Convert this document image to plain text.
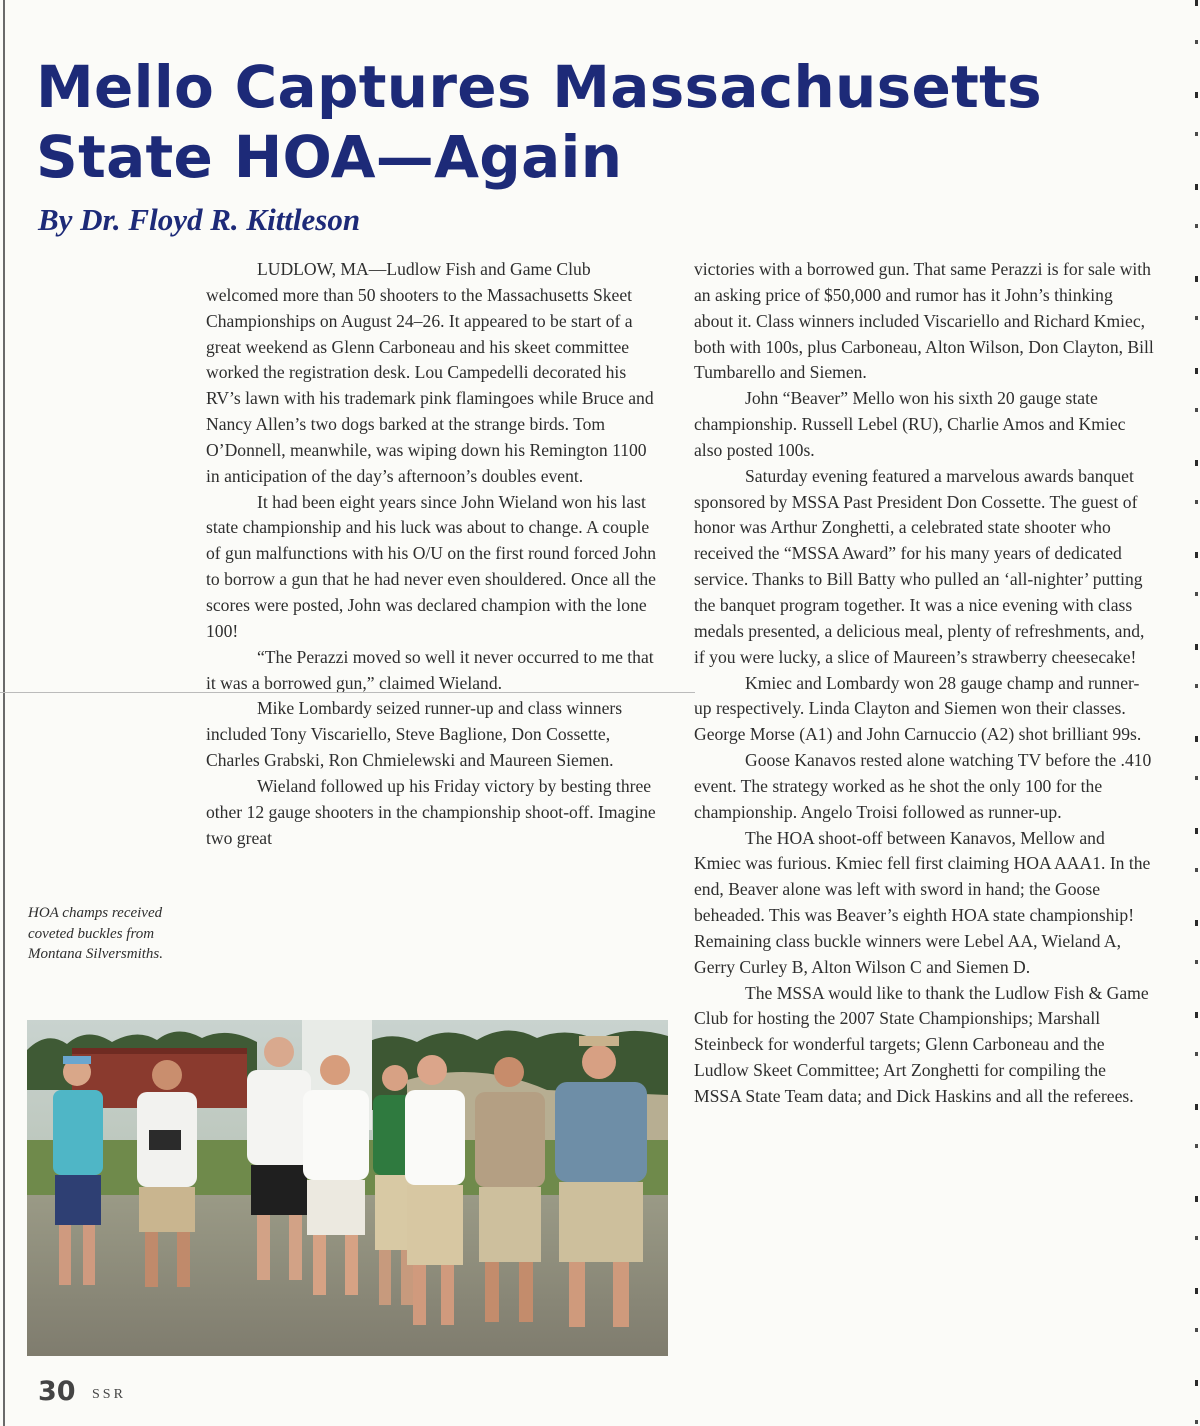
Mello Captures Massachusetts State HOA—Again
By Dr. Floyd R. Kittleson

LUDLOW, MA—Ludlow Fish and Game Club welcomed more than 50 shooters to the Massachusetts Skeet Championships on August 24–26. It appeared to be start of a great weekend as Glenn Carboneau and his skeet committee worked the registration desk. Lou Campedelli decorated his RV’s lawn with his trademark pink flamingoes while Bruce and Nancy Allen’s two dogs barked at the strange birds. Tom O’Donnell, meanwhile, was wiping down his Remington 1100 in anticipation of the day’s afternoon’s doubles event.

It had been eight years since John Wieland won his last state championship and his luck was about to change. A couple of gun malfunctions with his O/U on the first round forced John to borrow a gun that he had never even shouldered. Once all the scores were posted, John was declared champion with the lone 100!

“The Perazzi moved so well it never occurred to me that it was a borrowed gun,” claimed Wieland.

Mike Lombardy seized runner-up and class winners included Tony Viscariello, Steve Baglione, Don Cossette, Charles Grabski, Ron Chmielewski and Maureen Siemen.

Wieland followed up his Friday victory by besting three other 12 gauge shooters in the championship shoot-off. Imagine two great

victories with a borrowed gun. That same Perazzi is for sale with an asking price of $50,000 and rumor has it John’s thinking about it. Class winners included Viscariello and Richard Kmiec, both with 100s, plus Carboneau, Alton Wilson, Don Clayton, Bill Tumbarello and Siemen.

John “Beaver” Mello won his sixth 20 gauge state championship. Russell Lebel (RU), Charlie Amos and Kmiec also posted 100s.

Saturday evening featured a marvelous awards banquet sponsored by MSSA Past President Don Cossette. The guest of honor was Arthur Zonghetti, a celebrated state shooter who received the “MSSA Award” for his many years of dedicated service. Thanks to Bill Batty who pulled an ‘all-nighter’ putting the banquet program together. It was a nice evening with class medals presented, a delicious meal, plenty of refreshments, and, if you were lucky, a slice of Maureen’s strawberry cheesecake!

Kmiec and Lombardy won 28 gauge champ and runner-up respectively. Linda Clayton and Siemen won their classes. George Morse (A1) and John Carnuccio (A2) shot brilliant 99s.

Goose Kanavos rested alone watching TV before the .410 event. The strategy worked as he shot the only 100 for the championship. Angelo Troisi followed as runner-up.

The HOA shoot-off between Kanavos, Mellow and Kmiec was furious. Kmiec fell first claiming HOA AAA1. In the end, Beaver alone was left with sword in hand; the Goose beheaded. This was Beaver’s eighth HOA state championship! Remaining class buckle winners were Lebel AA, Wieland A, Gerry Curley B, Alton Wilson C and Siemen D.

The MSSA would like to thank the Ludlow Fish & Game Club for hosting the 2007 State Championships; Marshall Steinbeck for wonderful targets; Glenn Carboneau and the Ludlow Skeet Committee; Art Zonghetti for compiling the MSSA State Team data; and Dick Haskins and all the referees.

HOA champs received coveted buckles from Montana Silversmiths.
30 SSR
